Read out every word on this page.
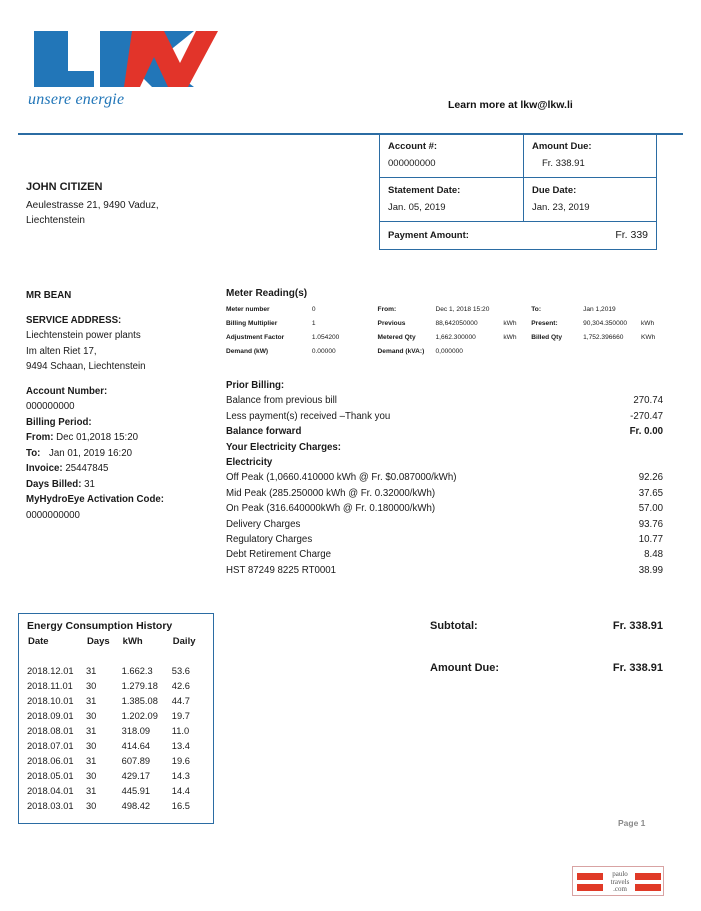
unsere energie	Learn more at lkw@lkw.li
Account #:
000000000
Amount Due:
Fr. 338.91
Statement Date:
Jan. 05, 2019
Due Date:
Jan. 23, 2019
Payment Amount:	Fr. 339
JOHN CITIZEN
Aeulestrasse 21, 9490 Vaduz,
Liechtenstein
MR BEAN
SERVICE ADDRESS:
Liechtenstein power plants
Im alten Riet 17,
9494 Schaan, Liechtenstein
Account Number:
000000000
Billing Period:
From: Dec 01,2018 15:20
To: Jan 01, 2019 16:20
Invoice: 25447845
Days Billed: 31
MyHydroEye Activation Code:
0000000000
Meter Reading(s)
Meter number	0	From:	Dec 1, 2018 15:20		To:	Jan 1,2019	
Billing Multiplier	1	Previous	88,642050000	kWh	Present:	90,304.350000	kWh
Adjustment Factor	1.054200	Metered Qty	1,662.300000	kWh	Billed Qty	1,752.396660	KWh
Demand (kW)	0.00000	Demand (kVA:)	0,000000				
Prior Billing:
Balance from previous bill	270.74
Less payment(s) received –Thank you	-270.47
Balance forward	Fr. 0.00
Your Electricity Charges:
Electricity
Off Peak (1,0660.410000 kWh @ Fr. $0.087000/kWh)	92.26
Mid Peak (285.250000 kWh @ Fr. 0.32000/kWh)	37.65
On Peak (316.640000kWh @ Fr. 0.180000/kWh)	57.00
Delivery Charges	93.76
Regulatory Charges	10.77
Debt Retirement Charge	8.48
HST 87249 8225 RT0001	38.99
Energy Consumption History
Date	Days	kWh	Daily
2018.12.01	31	1.662.3	53.6
2018.11.01	30	1.279.18	42.6
2018.10.01	31	1.385.08	44.7
2018.09.01	30	1.202.09	19.7
2018.08.01	31	318.09	11.0
2018.07.01	30	414.64	13.4
2018.06.01	31	607.89	19.6
2018.05.01	30	429.17	14.3
2018.04.01	31	445.91	14.4
2018.03.01	30	498.42	16.5
Subtotal:	Fr. 338.91
Amount Due:	Fr. 338.91
Page 1
paulo
travels
.com
